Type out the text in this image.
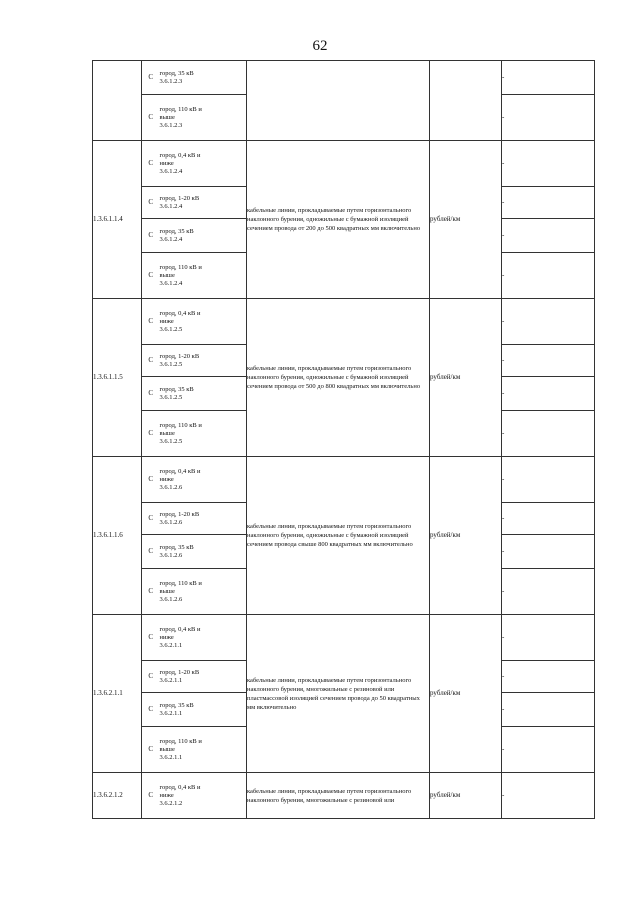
62
	С	город, 35 кВ
3.6.1.2.3			-
	С	город, 110 кВ и
выше
3.6.1.2.3			-
1.3.6.1.1.4	С	город, 0,4 кВ и
ниже
3.6.1.2.4	кабельные линии, прокладываемые путем горизонтального наклонного бурения, одножильные с бумажной изоляцией сечением провода от 200 до 500 квадратных мм включительно	рублей/км	-
	С	город, 1-20 кВ
3.6.1.2.4			-
	С	город, 35 кВ
3.6.1.2.4			-
	С	город, 110 кВ и
выше
3.6.1.2.4			-
1.3.6.1.1.5	С	город, 0,4 кВ и
ниже
3.6.1.2.5	кабельные линии, прокладываемые путем горизонтального наклонного бурения, одножильные с бумажной изоляцией сечением провода от 500 до 800 квадратных мм включительно	рублей/км	-
	С	город, 1-20 кВ
3.6.1.2.5			-
	С	город, 35 кВ
3.6.1.2.5			-
	С	город, 110 кВ и
выше
3.6.1.2.5			-
1.3.6.1.1.6	С	город, 0,4 кВ и
ниже
3.6.1.2.6	кабельные линии, прокладываемые путем горизонтального наклонного бурения, одножильные с бумажной изоляцией сечением провода свыше 800 квадратных мм включительно	рублей/км	-
	С	город, 1-20 кВ
3.6.1.2.6			-
	С	город, 35 кВ
3.6.1.2.6			-
	С	город, 110 кВ и
выше
3.6.1.2.6			-
1.3.6.2.1.1	С	город, 0,4 кВ и
ниже
3.6.2.1.1	кабельные линии, прокладываемые путем горизонтального наклонного бурения, многожильные с резиновой или пластмассовой изоляцией сечением провода до 50 квадратных мм включительно	рублей/км	-
	С	город, 1-20 кВ
3.6.2.1.1			-
	С	город, 35 кВ
3.6.2.1.1			-
	С	город, 110 кВ и
выше
3.6.2.1.1			-
1.3.6.2.1.2	С	город, 0,4 кВ и
ниже
3.6.2.1.2	кабельные линии, прокладываемые путем горизонтального наклонного бурения, многожильные с резиновой или	рублей/км	-
